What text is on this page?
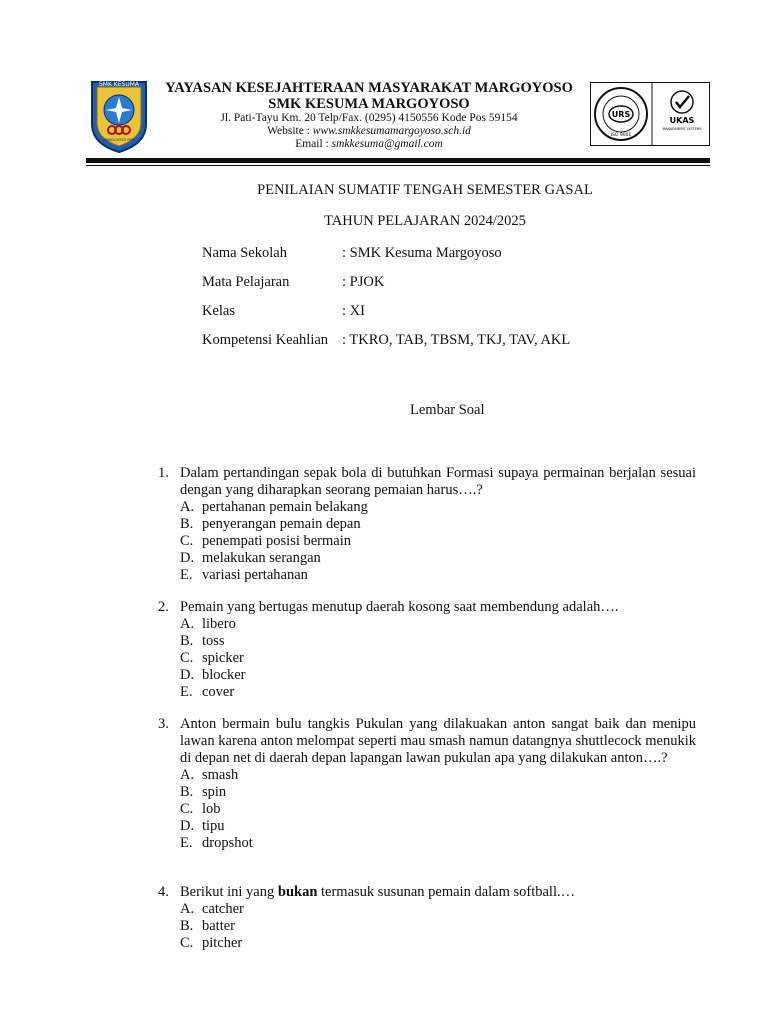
SMK KESUMA
MARGOYOSO PATI
YAYASAN KESEJAHTERAAN MASYARAKAT MARGOYOSO
SMK KESUMA MARGOYOSO
Jl. Pati-Tayu Km. 20 Telp/Fax. (0295) 4150556 Kode Pos 59154
Website : www.smkkesumamargoyoso.sch.id
Email : smkkesuma@gmail.com
URS
ISO 9001
UKAS
MANAGEMENT SYSTEMS
PENILAIAN SUMATIF TENGAH SEMESTER GASAL
TAHUN PELAJARAN 2024/2025
Nama Sekolah	: SMK Kesuma Margoyoso
Mata Pelajaran	: PJOK
Kelas	: XI
Kompetensi Keahlian : TKRO, TAB, TBSM, TKJ, TAV, AKL
Lembar Soal
1. Dalam pertandingan sepak bola di butuhkan Formasi supaya permainan berjalan sesuai dengan yang diharapkan seorang pemaian harus….?
A. pertahanan pemain belakang
B. penyerangan pemain depan
C. penempati posisi bermain
D. melakukan serangan
E. variasi pertahanan
2. Pemain yang bertugas menutup daerah kosong saat membendung adalah….
A. libero
B. toss
C. spicker
D. blocker
E. cover
3. Anton bermain bulu tangkis Pukulan yang dilakuakan anton sangat baik dan menipu lawan karena anton melompat seperti mau smash namun datangnya shuttlecock menukik di depan net di daerah depan lapangan lawan pukulan apa yang dilakukan anton….?
A. smash
B. spin
C. lob
D. tipu
E. dropshot
4. Berikut ini yang bukan termasuk susunan pemain dalam softball.…
A. catcher
B. batter
C. pitcher
